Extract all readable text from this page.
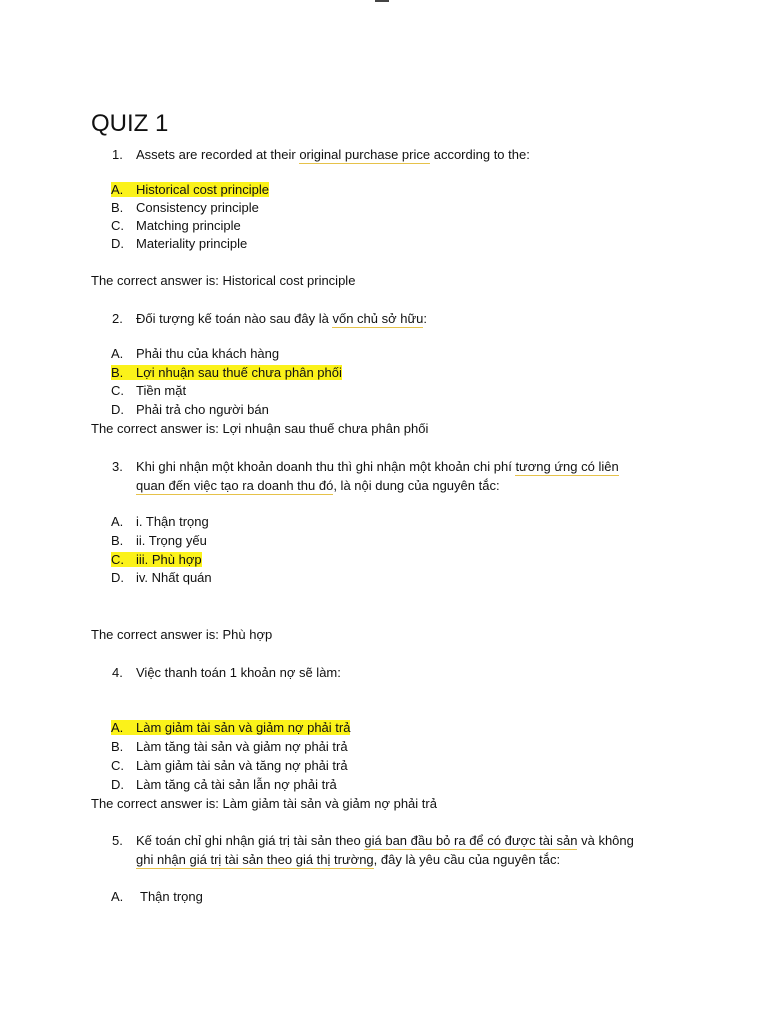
QUIZ 1
1.	Assets are recorded at their original purchase price according to the:
A. Historical cost principle
B. Consistency principle
C. Matching principle
D. Materiality principle
The correct answer is: Historical cost principle
2.	Đối tượng kế toán nào sau đây là vốn chủ sở hữu:
A. Phải thu của khách hàng
B. Lợi nhuận sau thuế chưa phân phối
C. Tiền mặt
D. Phải trả cho người bán
The correct answer is: Lợi nhuận sau thuế chưa phân phối
3.	Khi ghi nhận một khoản doanh thu thì ghi nhận một khoản chi phí tương ứng có liên
quan đến việc tạo ra doanh thu đó, là nội dung của nguyên tắc:
A. i. Thận trọng
B. ii. Trọng yếu
C. iii. Phù hợp
D. iv. Nhất quán
The correct answer is: Phù hợp
4.	Việc thanh toán 1 khoản nợ sẽ làm:
A. Làm giảm tài sản và giảm nợ phải trả
B. Làm tăng tài sản và giảm nợ phải trả
C. Làm giảm tài sản và tăng nợ phải trả
D. Làm tăng cả tài sản lẫn nợ phải trả
The correct answer is: Làm giảm tài sản và giảm nợ phải trả
5.	Kế toán chỉ ghi nhận giá trị tài sản theo giá ban đầu bỏ ra để có được tài sản và không
ghi nhận giá trị tài sản theo giá thị trường, đây là yêu cầu của nguyên tắc:
A. Thận trọng
